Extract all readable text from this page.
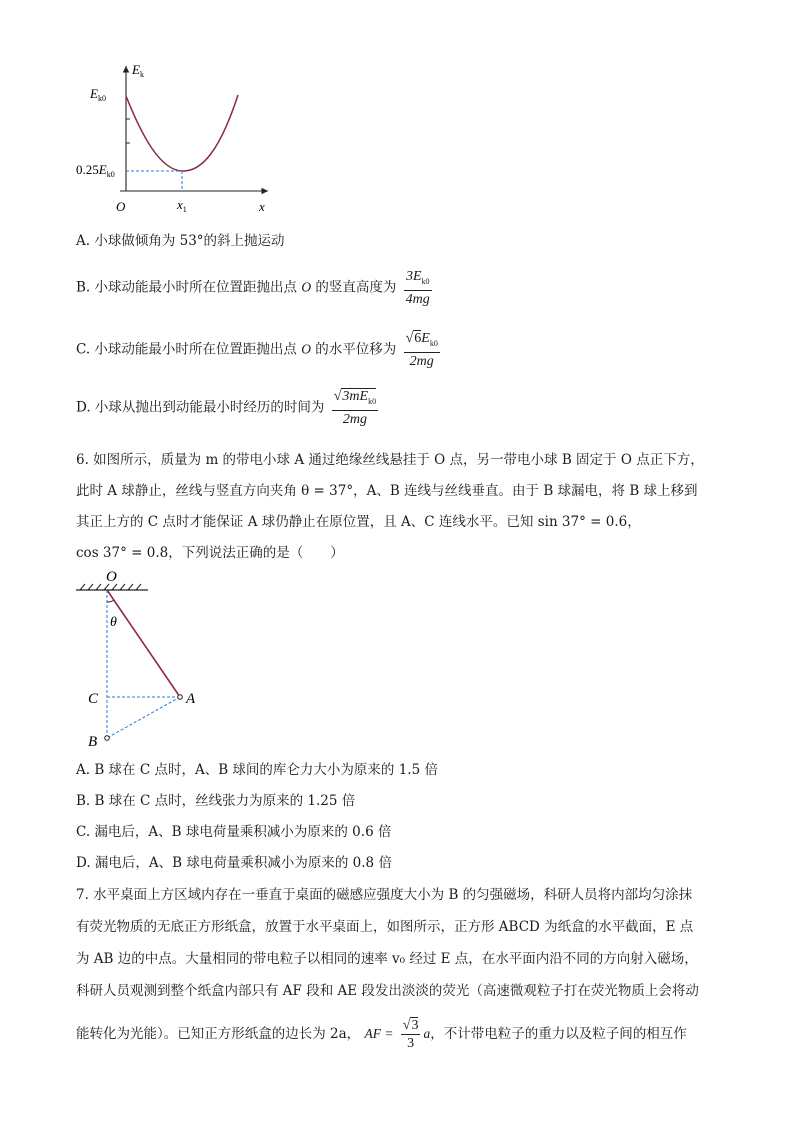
$E_k$
$E_{k0}$
$0.25E_{k0}$
O	$x_1$	x
A. 小球做倾角为 53°的斜上抛运动
B. 小球动能最小时所在位置距抛出点 O 的竖直高度为 $\frac{3E_{k0}}{4mg}$
C. 小球动能最小时所在位置距抛出点 O 的水平位移为 $\frac{√6E_{k0}}{2mg}$
D. 小球从抛出到动能最小时经历的时间为 $\frac{√3mE_{k0}}{2mg}$
6. 如图所示，质量为 m 的带电小球 A 通过绝缘丝线悬挂于 O 点，另一带电小球 B 固定于 O 点正下方，
此时 A 球静止，丝线与竖直方向夹角 θ = 37°，A、B 连线与丝线垂直。由于 B 球漏电，将 B 球上移到
其正上方的 C 点时才能保证 A 球仍静止在原位置，且 A、C 连线水平。已知 sin 37° = 0.6，
cos 37° = 0.8，下列说法正确的是（　　）
O
θ
C	A
B
A. B 球在 C 点时，A、B 球间的库仑力大小为原来的 1.5 倍
B. B 球在 C 点时，丝线张力为原来的 1.25 倍
C. 漏电后，A、B 球电荷量乘积减小为原来的 0.6 倍
D. 漏电后，A、B 球电荷量乘积减小为原来的 0.8 倍
7. 水平桌面上方区域内存在一垂直于桌面的磁感应强度大小为 B 的匀强磁场，科研人员将内部均匀涂抹
有荧光物质的无底正方形纸盒，放置于水平桌面上，如图所示，正方形 ABCD 为纸盒的水平截面，E 点
为 AB 边的中点。大量相同的带电粒子以相同的速率 v₀ 经过 E 点，在水平面内沿不同的方向射入磁场，
科研人员观测到整个纸盒内部只有 AF 段和 AE 段发出淡淡的荧光（高速微观粒子打在荧光物质上会将动
能转化为光能）。已知正方形纸盒的边长为 2a， AF = $\frac{√3}{3}$ a，不计带电粒子的重力以及粒子间的相互作
